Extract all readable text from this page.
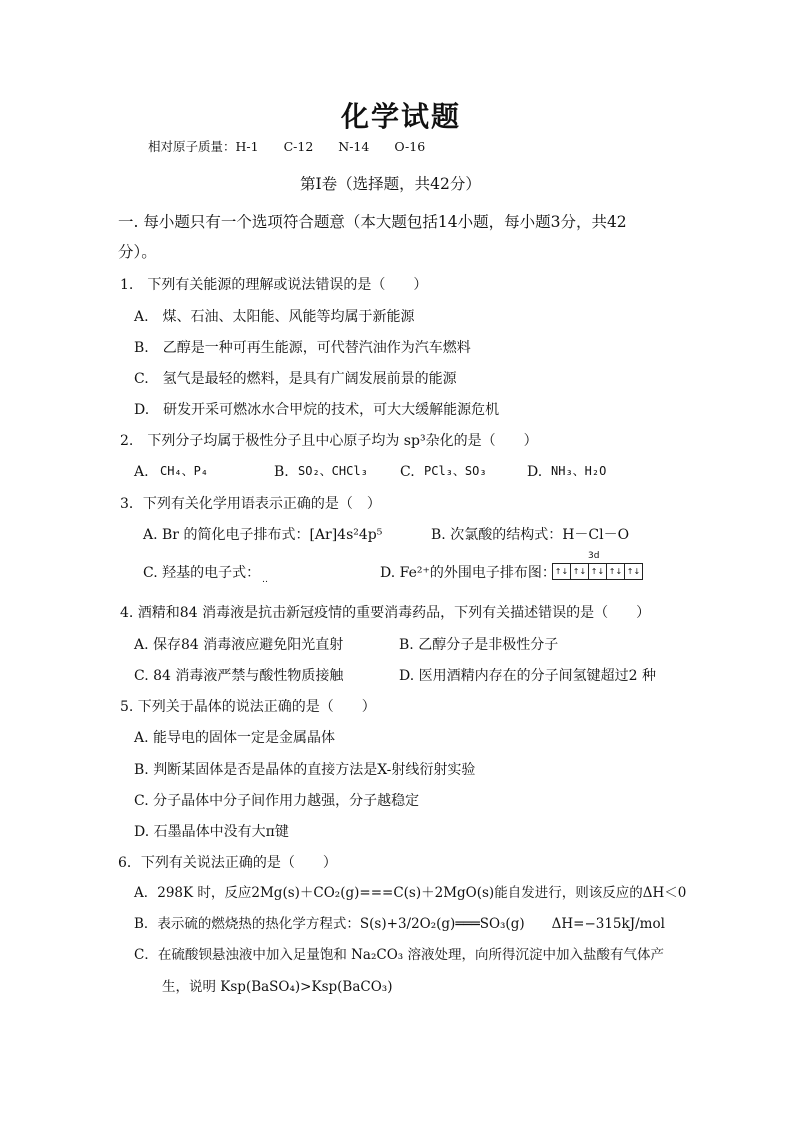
化学试题
相对原子质量：H-1　　C-12　　N-14　　O-16
第Ⅰ卷（选择题，共42分）
一. 每小题只有一个选项符合题意（本大题包括14小题，每小题3分，共42
分）。
1.　下列有关能源的理解或说法错误的是（　　）
A.　煤、石油、太阳能、风能等均属于新能源
B.　乙醇是一种可再生能源，可代替汽油作为汽车燃料
C.　氢气是最轻的燃料，是具有广阔发展前景的能源
D.　研发开采可燃冰水合甲烷的技术，可大大缓解能源危机
2.　下列分子均属于极性分子且中心原子均为 sp³杂化的是（　　）
A. CH₄、P₄	B. SO₂、CHCl₃ C. PCl₃、SO₃	D. NH₃、H₂O
3．下列有关化学用语表示正确的是（　）
A. Br 的简化电子排布式：[Ar]4s²4p⁵	B. 次氯酸的结构式：H－Cl－O
C. 羟基的电子式： ‥	D. Fe²⁺的外围电子排布图：
3d
↑↓ ↑↓ ↑↓ ↑↓ ↑↓
4. 酒精和84 消毒液是抗击新冠疫情的重要消毒药品，下列有关描述错误的是（　　）
A. 保存84 消毒液应避免阳光直射	B. 乙醇分子是非极性分子
C. 84 消毒液严禁与酸性物质接触	D. 医用酒精内存在的分子间氢键超过2 种
5. 下列关于晶体的说法正确的是（　　）
A. 能导电的固体一定是金属晶体
B. 判断某固体是否是晶体的直接方法是X-射线衍射实验
C. 分子晶体中分子间作用力越强，分子越稳定
D. 石墨晶体中没有大π键
6．下列有关说法正确的是（　　）
A．298K 时，反应2Mg(s)＋CO₂(g)===C(s)＋2MgO(s)能自发进行，则该反应的ΔH＜0
B．表示硫的燃烧热的热化学方程式：S(s)+3/2O₂(g)═══SO₃(g)　　ΔH=−315kJ/mol
C．在硫酸钡悬浊液中加入足量饱和 Na₂CO₃ 溶液处理，向所得沉淀中加入盐酸有气体产
生，说明 Ksp(BaSO₄)>Ksp(BaCO₃)
